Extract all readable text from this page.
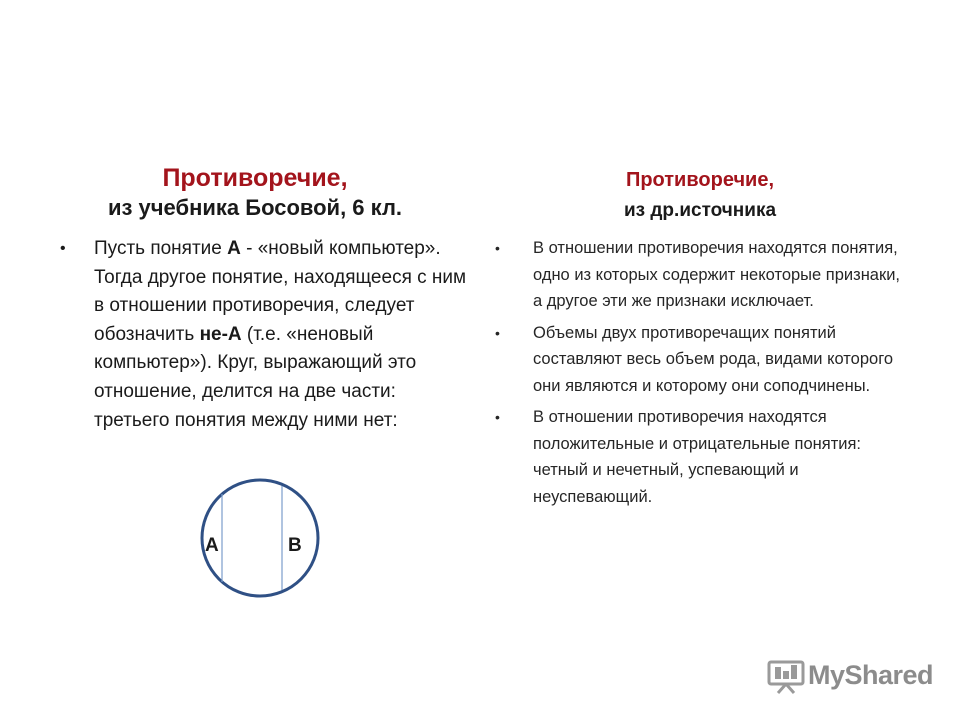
Противоречие,
из учебника Босовой, 6 кл.
• Пусть понятие А - «новый компьютер». Тогда другое понятие, находящееся с ним в отношении противоречия, следует обозначить не-А (т.е. «неновый компьютер»). Круг, выражающий это отношение, делится на две части: третьего понятия между ними нет:
А	В
Противоречие,
из др.источника
• В отношении противоречия находятся понятия, одно из которых содержит некоторые признаки, а другое эти же признаки исключает.
• Объемы двух противоречащих понятий составляют весь объем рода, видами которого они являются и которому они соподчинены.
• В отношении противоречия находятся положительные и отрицательные понятия: четный и нечетный, успевающий и неуспевающий.
MyShared
